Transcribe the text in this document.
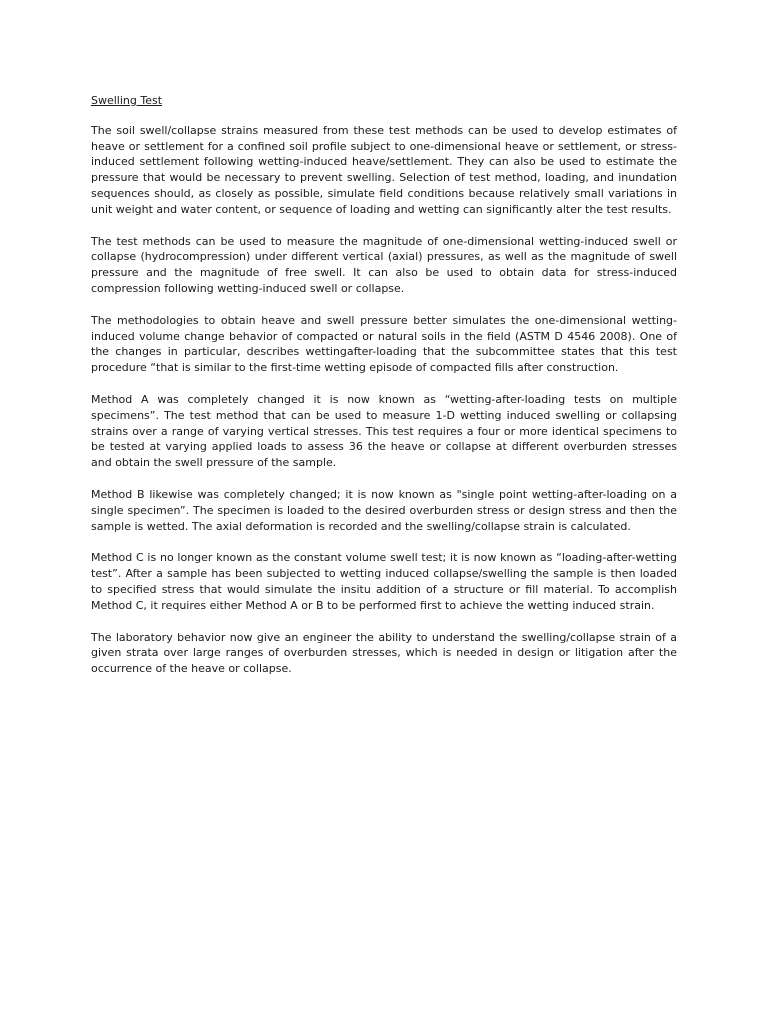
Swelling Test

The soil swell/collapse strains measured from these test methods can be used to develop estimates of heave or settlement for a confined soil profile subject to one-dimensional heave or settlement, or stress-induced settlement following wetting-induced heave/settlement. They can also be used to estimate the pressure that would be necessary to prevent swelling. Selection of test method, loading, and inundation sequences should, as closely as possible, simulate field conditions because relatively small variations in unit weight and water content, or sequence of loading and wetting can significantly alter the test results.

The test methods can be used to measure the magnitude of one-dimensional wetting-induced swell or collapse (hydrocompression) under different vertical (axial) pressures, as well as the magnitude of swell pressure and the magnitude of free swell. It can also be used to obtain data for stress-induced compression following wetting-induced swell or collapse.

The methodologies to obtain heave and swell pressure better simulates the one-dimensional wetting-induced volume change behavior of compacted or natural soils in the field (ASTM D 4546 2008). One of the changes in particular, describes wettingafter-loading that the subcommittee states that this test procedure “that is similar to the first-time wetting episode of compacted fills after construction.

Method A was completely changed it is now known as “wetting-after-loading tests on multiple specimens”. The test method that can be used to measure 1-D wetting induced swelling or collapsing strains over a range of varying vertical stresses. This test requires a four or more identical specimens to be tested at varying applied loads to assess 36 the heave or collapse at different overburden stresses and obtain the swell pressure of the sample.

Method B likewise was completely changed; it is now known as "single point wetting-after-loading on a single specimen”. The specimen is loaded to the desired overburden stress or design stress and then the sample is wetted. The axial deformation is recorded and the swelling/collapse strain is calculated.

Method C is no longer known as the constant volume swell test; it is now known as “loading-after-wetting test”. After a sample has been subjected to wetting induced collapse/swelling the sample is then loaded to specified stress that would simulate the insitu addition of a structure or fill material. To accomplish Method C, it requires either Method A or B to be performed first to achieve the wetting induced strain.

The laboratory behavior now give an engineer the ability to understand the swelling/collapse strain of a given strata over large ranges of overburden stresses, which is needed in design or litigation after the occurrence of the heave or collapse.
